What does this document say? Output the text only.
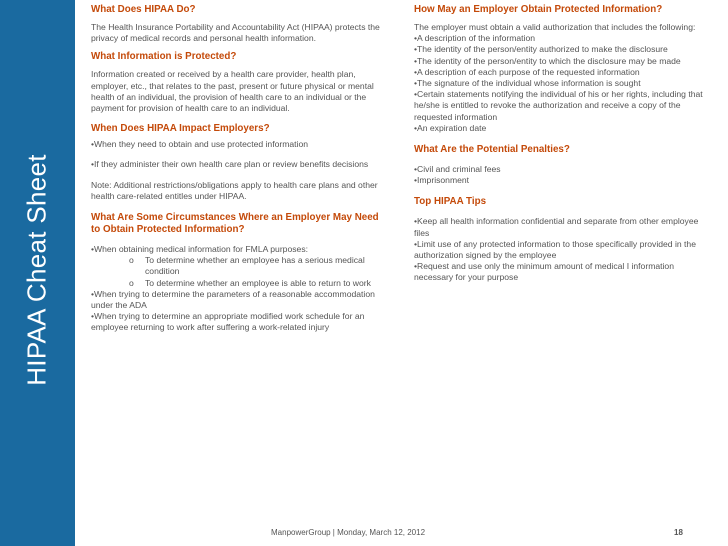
HIPAA Cheat Sheet
What Does HIPAA Do?
The Health Insurance Portability and Accountability Act (HIPAA) protects the privacy of medical records and personal health information.
What Information is Protected?
Information created or received by a health care provider, health plan, employer, etc., that relates to the past, present or future physical or mental health of an individual, the provision of health care to an individual or the payment for provision of health care to an individual.
When Does HIPAA Impact Employers?
•When they need to obtain and use protected information
•If they administer their own health care plan or review benefits decisions
Note: Additional restrictions/obligations apply to health care plans and other health care-related entitles under HIPAA.
What Are Some Circumstances Where an Employer May Need to Obtain Protected Information?
•When obtaining medical information for FMLA purposes:
o	To determine whether an employee has a serious medical condition
o	To determine whether an employee is able to return to work
•When trying to determine the parameters of a reasonable accommodation under the ADA
•When trying to determine an appropriate modified work schedule for an employee returning to work after suffering a work-related injury
How May an Employer Obtain Protected Information?
The employer must obtain a valid authorization that includes the following:
•A description of the information
•The identity of the person/entity authorized to make the disclosure
•The identity of the person/entity to which the disclosure may be made
•A description of each purpose of the requested information
•The signature of the individual whose information is sought
•Certain statements notifying the individual of his or her rights, including that he/she is entitled to revoke the authorization and receive a copy of the requested information
•An expiration date
What Are the Potential Penalties?
•Civil and criminal fees
•Imprisonment
Top HIPAA Tips
•Keep all health information confidential and separate from other employee files
•Limit use of any protected information to those specifically provided in the authorization signed by the employee
•Request and use only the minimum amount of medical I information necessary for your purpose
ManpowerGroup | Monday, March 12, 2012	18
